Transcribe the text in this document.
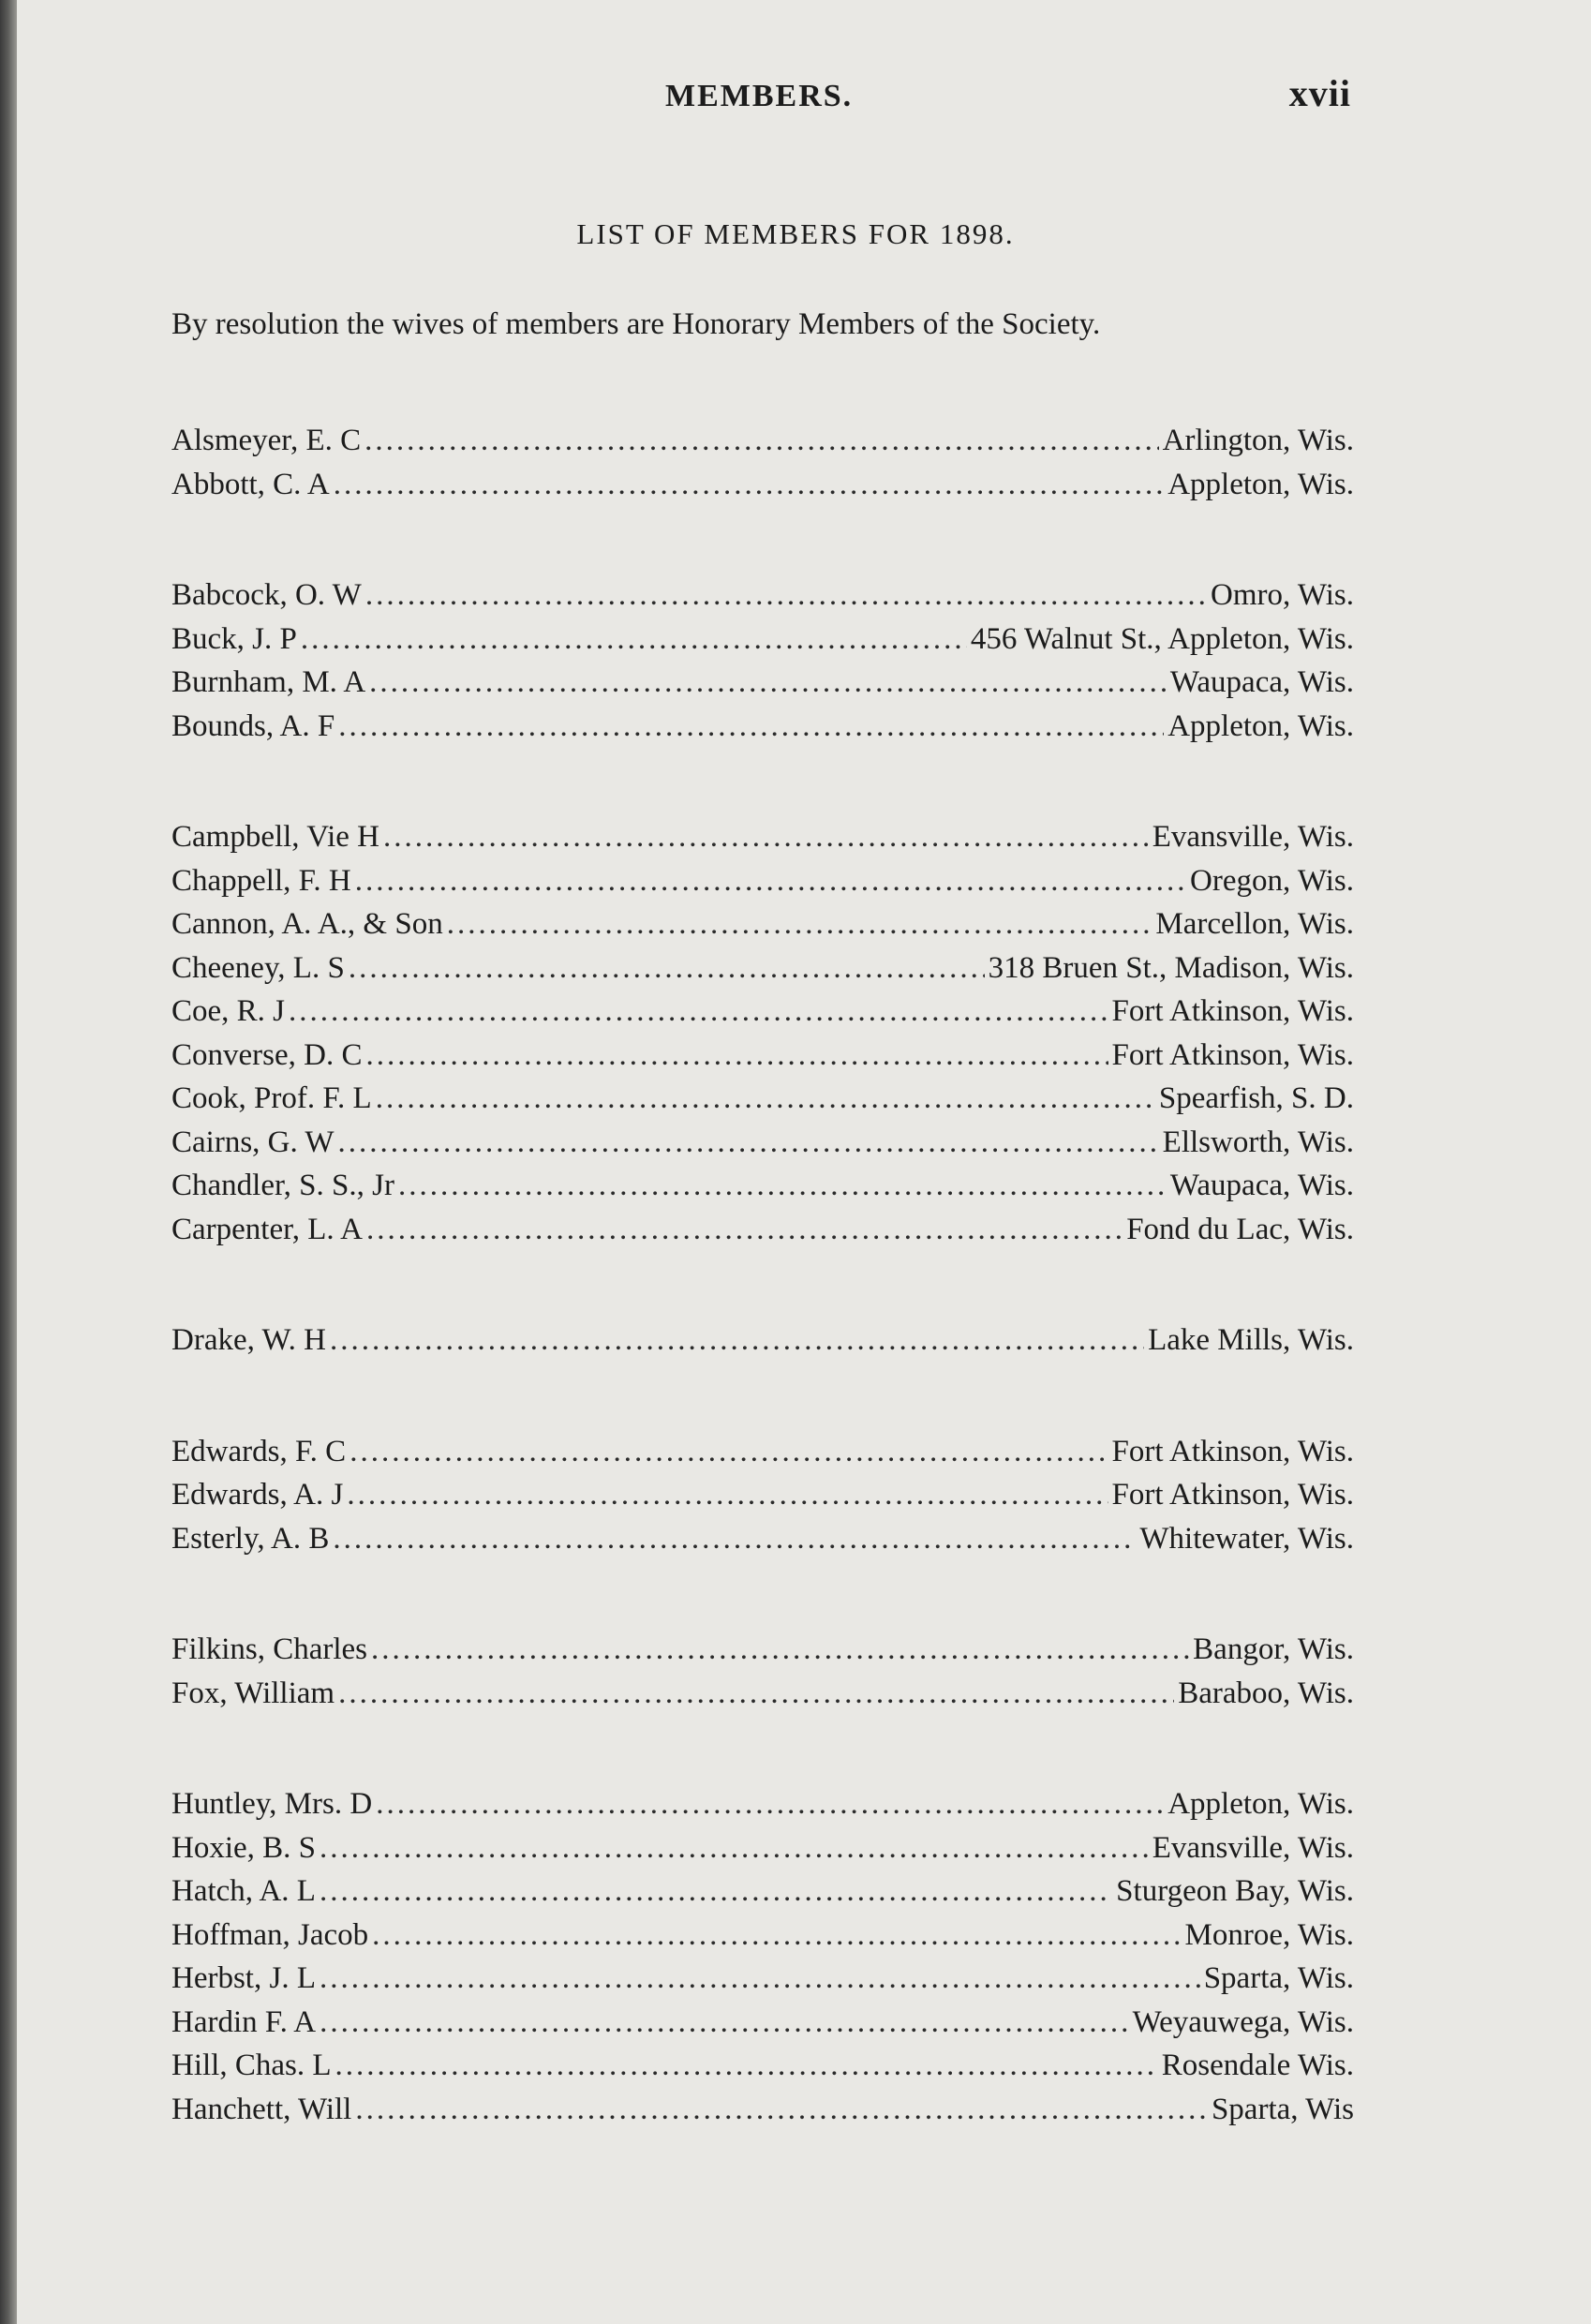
MEMBERS.	xvii
LIST OF MEMBERS FOR 1898.
By resolution the wives of members are Honorary Members of the Society.
Alsmeyer, E. C .....	Arlington, Wis.
Abbott, C. A .....	Appleton, Wis.
Babcock, O. W .....	Omro, Wis.
Buck, J. P .....	456 Walnut St., Appleton, Wis.
Burnham, M. A .....	Waupaca, Wis.
Bounds, A. F .....	Appleton, Wis.
Campbell, Vie H .....	Evansville, Wis.
Chappell, F. H .....	Oregon, Wis.
Cannon, A. A., & Son .....	Marcellon, Wis.
Cheeney, L. S .....	318 Bruen St., Madison, Wis.
Coe, R. J .....	Fort Atkinson, Wis.
Converse, D. C .....	Fort Atkinson, Wis.
Cook, Prof. F. L .....	Spearfish, S. D.
Cairns, G. W .....	Ellsworth, Wis.
Chandler, S. S., Jr .....	Waupaca, Wis.
Carpenter, L. A .....	Fond du Lac, Wis.
Drake, W. H .....	Lake Mills, Wis.
Edwards, F. C .....	Fort Atkinson, Wis.
Edwards, A. J .....	Fort Atkinson, Wis.
Esterly, A. B .....	Whitewater, Wis.
Filkins, Charles .....	Bangor, Wis.
Fox, William .....	Baraboo, Wis.
Huntley, Mrs. D .....	Appleton, Wis.
Hoxie, B. S .....	Evansville, Wis.
Hatch, A. L .....	Sturgeon Bay, Wis.
Hoffman, Jacob .....	Monroe, Wis.
Herbst, J. L .....	Sparta, Wis.
Hardin F. A .....	Weyauwega, Wis.
Hill, Chas. L .....	Rosendale Wis.
Hanchett, Will .....	Sparta, Wis
